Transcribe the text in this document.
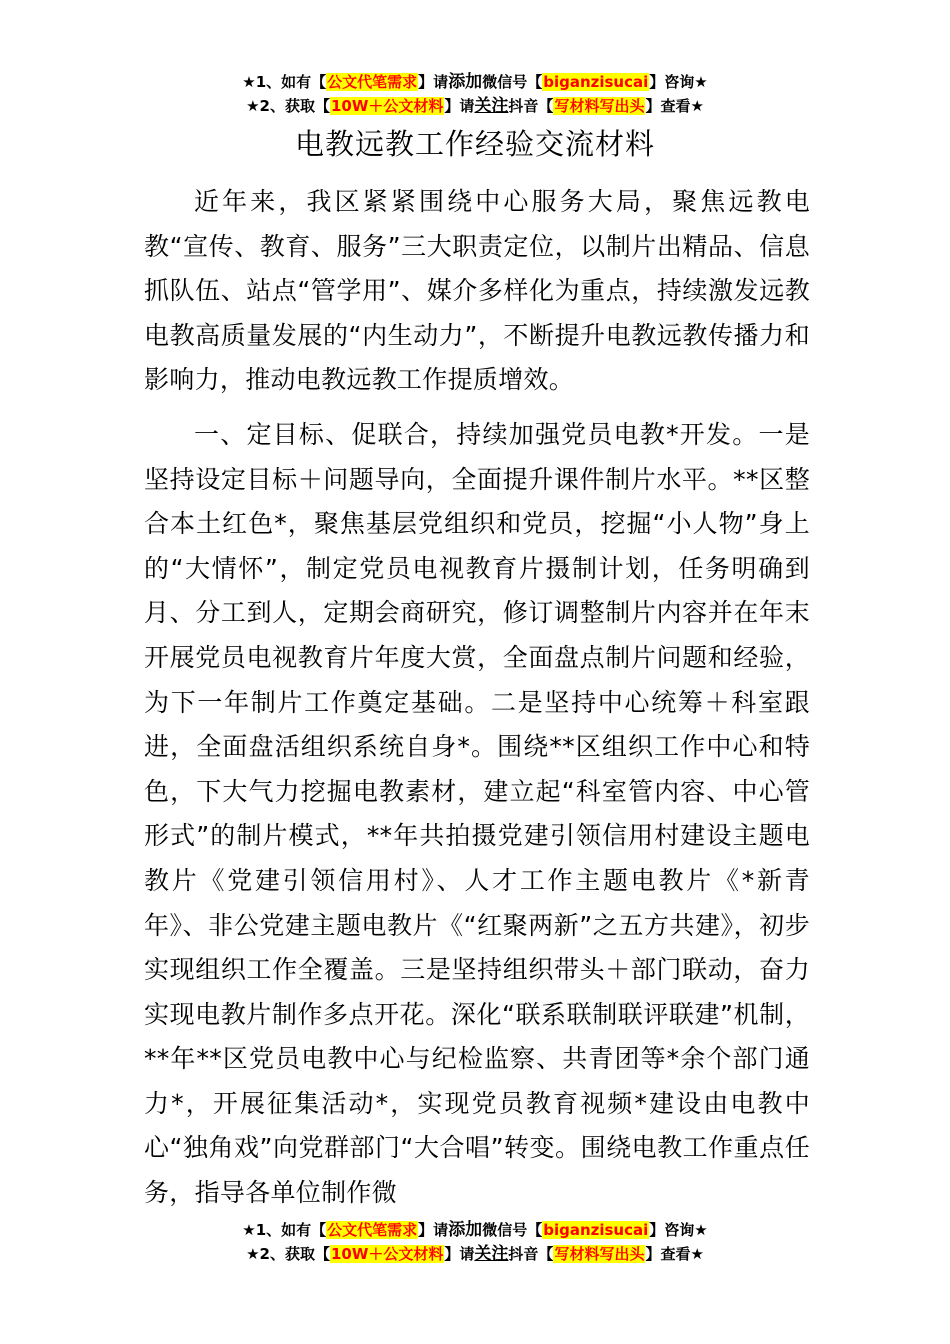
★1、如有【公文代笔需求】请添加微信号【biganzisucai】咨询★
★2、获取【10W＋公文材料】请关注抖音【写材料写出头】查看★
电教远教工作经验交流材料

近年来，我区紧紧围绕中心服务大局，聚焦远教电教“宣传、教育、服务”三大职责定位，以制片出精品、信息抓队伍、站点“管学用”、媒介多样化为重点，持续激发远教电教高质量发展的“内生动力”，不断提升电教远教传播力和影响力，推动电教远教工作提质增效。

一、定目标、促联合，持续加强党员电教*开发。一是坚持设定目标＋问题导向，全面提升课件制片水平。**区整合本土红色*，聚焦基层党组织和党员，挖掘“小人物”身上的“大情怀”，制定党员电视教育片摄制计划，任务明确到月、分工到人，定期会商研究，修订调整制片内容并在年末开展党员电视教育片年度大赏，全面盘点制片问题和经验，为下一年制片工作奠定基础。二是坚持中心统筹＋科室跟进，全面盘活组织系统自身*。围绕**区组织工作中心和特色，下大气力挖掘电教素材，建立起“科室管内容、中心管形式”的制片模式，**年共拍摄党建引领信用村建设主题电教片《党建引领信用村》、人才工作主题电教片《*新青年》、非公党建主题电教片《“红聚两新”之五方共建》，初步实现组织工作全覆盖。三是坚持组织带头＋部门联动，奋力实现电教片制作多点开花。深化“联系联制联评联建”机制，**年**区党员电教中心与纪检监察、共青团等*余个部门通力*，开展征集活动*，实现党员教育视频*建设由电教中心“独角戏”向党群部门“大合唱”转变。围绕电教工作重点任务，指导各单位制作微

★1、如有【公文代笔需求】请添加微信号【biganzisucai】咨询★
★2、获取【10W＋公文材料】请关注抖音【写材料写出头】查看★
